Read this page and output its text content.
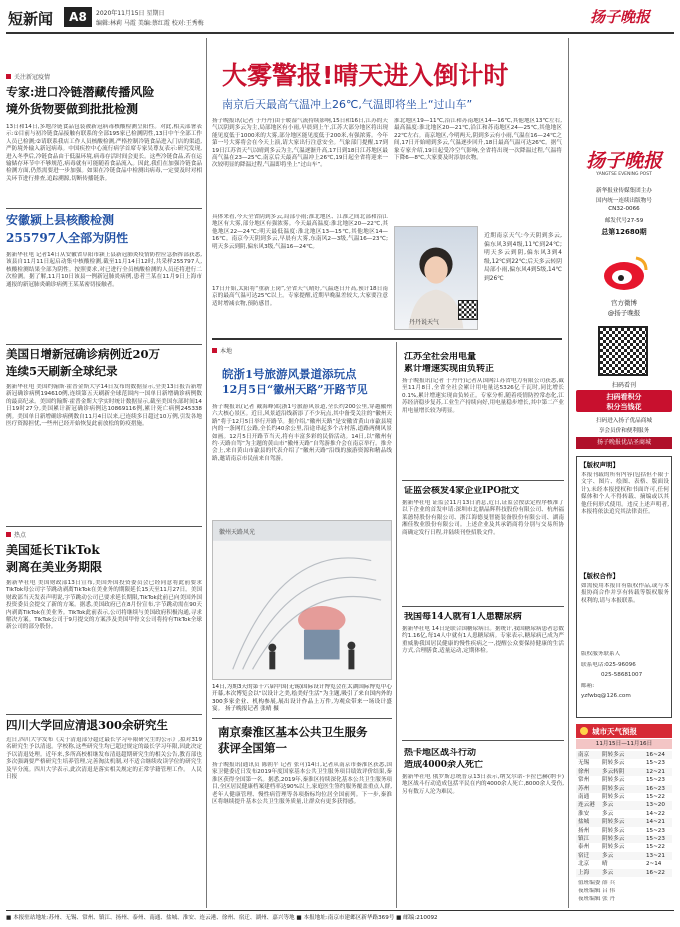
短新闻	A8	2020年11月15日 星期日
编辑:林莉 马霞 美编:蔡红霞 校对:王秀梅	扬子晚报
关注新冠疫情
专家:进口冷链潜藏传播风险
境外货物要做到批批检测
13日和14日,多地冷链食品包装被新冠病毒核酸检测呈阳性。对此,相关部署表示:①目前与初冷链食品接触有联系的全部195家已检测阴性,13日中午全部工作人员已检测;②请联系我店工作人员核酸检测,严格控制冷链食品进入门店的渠道,严防境外输入新冠病毒。中国疾控中心流行病学首席专家吴尊友表示:研究发现,进入冬季后,冷链食品由于低温环境,病毒存活时间会更长。这些冷链食品,若在运输储存环节中不够规范,病毒就有可能随着食品流入。因此,我们在加强冷链食品检测方面,仍然需要进一步加强。如果在冷链食品中检测出病毒,一定要及时对相关环节进行排查,追踪溯源,切断传播链条。
安徽颍上县核酸检测
255797人全部为阴性
据新华社电 记者14日从安徽省阜阳市颍上县新冠肺炎疫情防控应急指挥部获悉,该县自11月11日起启动集中核酸检测,截至11月14日12时,共采样255797人,核酸检测结果全部为阴性。按照要求,对已进行全员核酸检测的人员还将进行二次检测。据了解,11月10日该县一例新冠肺炎病例,患者兰某在11月9日上海市通报的新冠肺炎确诊病例王某某密切接触者。
美国日增新冠确诊病例近20万
连续5天刷新全球纪录
据新华社电 美国约翰斯·霍普金斯大学14日发布的数据显示,全美13日报告新增新冠确诊病例194610例,连续第五天刷新全球范围内一国单日新增确诊病例数的最高纪录。美国约翰斯·霍普金斯大学实时统计数据显示,截至美国东部时间14日19时27分,美国累计新冠确诊病例达10869116例,累计死亡病例245338例。美国单日新增确诊病例数自11月4日以来,已连续多日超过10万例,引发各地医疗资源担忧,一些州已经开始恢复此前放松的防疫措施。
热点
美国延长TikTok
剥离在美业务期限
据新华社电 美国财政部13日宣布,美国外国投资委员会已经同意将此前要求TikTok母公司字节跳动剥离TikTok在美业务的期限延长15天至11月27日。美国财政部当天发表声明说,字节跳动公司已要求延长期限,TikTok此前已向美国外国投资委员会提交了新的方案。据悉,美国政府已在8月份宣布,字节跳动需在90天内剥离TikTok在美业务。TikTok此前表示,公司将继续与美国政府积极沟通,寻求解决方案。TikTok公司于9月提交的方案涉及美国甲骨文公司将持有TikTok全球新公司的部分股份。
四川大学回应清退300余研究生
近日,四川大学发布《关于清退部分超过最长学习年限研究生的公示》,拟对319名研究生予以清退。学校称,这些研究生均已超过规定的最长学习年限,因此决定予以清退处理。近年来,多所高校相继发布清退超期研究生的相关公告,教育部也多次强调要严格研究生培养管理,完善淘汰机制,对不适合继续攻读学位的研究生及早分流。四川大学表示,此次清退是落实相关规定的正常学籍管理工作。 人民日报
大雾警报!晴天进入倒计时
南京后天最高气温冲上26℃,气温即将坐上“过山车”
扬子晚报讯(记者 于丹丹)由于暖湿气流持续影响,15日和16日,江苏的天气以阴到多云为主,局部地区有小雨,早晨到上午,江苏大部分地区将出现能见度低于1000米的大雾,部分地区能见度低于200米,有强浓雾。今年第一号大雾将会在今天上演,请大家出行注意安全。气象部门提醒,17到19日江苏省天气以晴到多云为主,气温逐渐升高,17日到18日江苏地区最高气温在23—25℃,南京后天最高气温冲上26℃,19日起全省将迎来一次较明显的降温过程,气温即将坐上“过山车”。
具体来看,今天全省阴到多云,局部小雨;淮北地区、江淮之间北部和沿江地区有大雾,部分地区有强浓雾。今天最高温度:淮北地区20—22℃,其他地区22—24℃;明天最低温度:淮北地区13—15℃,其他地区14—16℃。南京今天阴到多云,早晨有大雾,东南风2—3级,气温16—23℃;明天多云到阴,偏东风3级,气温16—24℃。
17日开始,太阳将“重新上岗”,全省天气晴好,气温逐日升高,预计18日南京的最高气温可达25℃以上。专家提醒,近期早晚温差较大,大家要注意适时增减衣物,预防感冒。
淮北地区19—11℃,沿江和苏南地区14—16℃,其他地区13℃左右,最高温度:淮北地区20—21℃,沿江和苏南地区24—25℃,其他地区22℃左右。南京地区,今明两天,阴到多云有小雨,气温在16—24℃之间,17日开始晴到多云,气温逐步回升,18日最高气温可达26℃。据气象专家介绍,19日起受冷空气影响,全省将出现一次降温过程,气温将下降6—8℃,大家要及时添加衣物。
丹丹说天气
近期南京天气:今天阴到多云,偏东风3到4级,11℃到24℃;明天多云到阴,偏东风3到4级,12℃到22℃;后天多云转阴局部小雨,偏东风4到5级,14℃到26℃
扬子晚报
YANGTSE EVENING POST
新华报业传媒集团主办
国内统一连续出版物号
CN32-0066
邮发代号27-59
总第12680期
官方微博
@扬子晚报
扫码看刊
扫码看积分
积分当钱花
扫码进入扬子优品商城
享会员价和便利服务
扬子晚报优品圣商城
【版权声明】
本报刊载的所有内容(包括但不限于文字、图片、绘图、表格、版面设计),未经本报授权和书面许可,任何媒体和个人不得转载、摘编或以其他任何形式使用。违反上述声明者,本报将依法追究其法律责任。
【版权合作】
如需使用本报自有版权作品,或与本报协商合作并享有转载等版权服务权利的,请与本报联系。
版权服务联系人
联系电话:025-96096
025-58681007
邮箱:
yzfwbq@126.com
本地
皖浙1号旅游风景道添玩点
12月5日“徽州天路”开路节见
扬子晚报讯(记者 戴海峰)皖浙1号旅游风景道,全长约200公里,穿越徽州六大核心景区。近日,风景道沿线新添了不少玩点,其中备受关注的“徽州天路”将于12月5日举行开路节。据介绍,“徽州天路”是安徽省黄山市歙县境内的一条网红公路,全长约40余公里,沿途串起多个古村落,道路两侧风景如画。12月5日开路节当天,将有丰富多彩的民俗活动。14日,以“徽州有约·天路自驾”为主题的黄山市“徽州天路”自驾游推介会在南京举行。推介会上,来自黄山市歙县的代表介绍了“徽州天路”沿线的旅游资源和精品线路,邀请南京市民前来自驾游。
徽州天路风光
14日,为期3天的第十六届中国(无锡)国际设计博览会在太湖国际博览中心开幕,本次博览会以“以设计之美,绘美好生活”为主题,吸引了来自国内外的300多家企业、机构参展,展出设计作品上万件,为观众带来一场设计盛宴。 扬子晚报记者 张晴 摄
南京秦淮区基本公共卫生服务
获评全国第一
扬子晚报讯(通讯员 陈朝平 记者 张可)14日,记者从南京市秦淮区获悉,国家卫健委近日发布2019年度国家基本公共卫生服务项目绩效评价结果,秦淮区获得全国第一名。据悉,2019年,秦淮区持续深化基本公共卫生服务项目,全区居民健康档案建档率达90%以上,家庭医生签约服务覆盖重点人群,老年人健康管理、慢性病管理等各项指标均位居全国前列。下一步,秦淮区将继续提升基本公共卫生服务质量,让群众有更多获得感。
江苏全社会用电量
累计增速实现由负转正
扬子晚报讯(记者 于丹丹)记者从国网江苏省电力有限公司获悉,截至11月8日,全省全社会累计用电量达5326亿千瓦时,同比增长0.1%,累计增速实现由负转正。专家分析,随着疫情防控常态化,江苏经济稳步复苏,工业生产持续向好,用电量稳步增长,其中第二产业用电量增长较为明显。
证监会核发4家企业IPO批文
据新华社电 证监会11月13日消息,近日,证监会按法定程序核准了以下企业的首发申请:深圳市北鼎晶辉科技股份有限公司、杭州福莱蒽特股份有限公司、浙江海德曼智能装备股份有限公司、湖南湘佳牧业股份有限公司。上述企业及其承销商将分别与交易所协商确定发行日程,并陆续刊登招股文件。
我国每14人就有1人患糖尿病
据新华社电 14日是联合国糖尿病日。据统计,我国糖尿病患者总数约1.16亿,每14人中就有1人患糖尿病。专家表示,糖尿病已成为严重威胁我国居民健康的慢性疾病之一,提醒公众要保持健康的生活方式,合理膳食,适量运动,定期体检。
热卡地区战斗行动
造成4000余人死亡
据新华社电 俄罗斯总统普京13日表示,纳戈尔诺-卡拉巴赫(纳卡)地区战斗行动造成包括平民在内的4000余人死亡,8000余人受伤,另有数万人沦为难民。
城市天气预报
11月15日—11月16日
南京	阴转多云	16~24
无锡	阴转多云	15~23
徐州	多云转阴	12~21
常州	阴转多云	15~23
苏州	阴转多云	16~23
南通	阴转多云	15~22
连云港	多云	13~20
淮安	多云	14~22
盐城	阴转多云	14~21
扬州	阴转多云	15~23
镇江	阴转多云	15~23
泰州	阴转多云	15~22
宿迁	多云	13~21
北京	晴	2~14
上海	多云	16~22
值班编委 薛 兵
夜班编辑 吕 伟
夜班编辑 张 丹
■ 本报驻站地址:苏州、无锡、常州、镇江、扬州、泰州、南通、盐城、淮安、连云港、徐州、宿迁、湖州、嘉兴等地 ■ 本报地址:南京市建邺区新华路369号 ■ 邮编:210092
